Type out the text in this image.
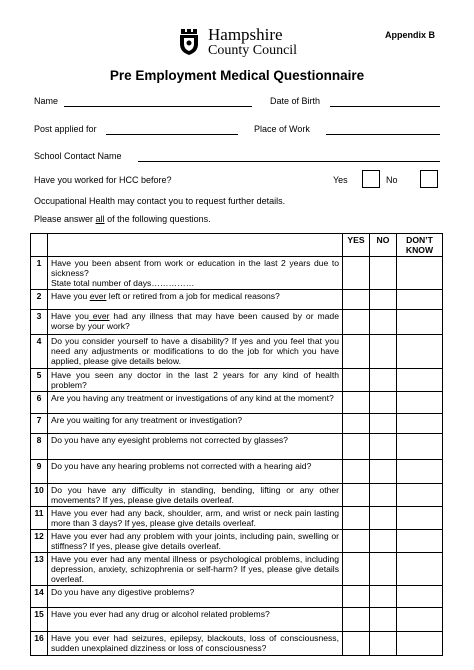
Hampshire
County Council
Appendix B
Pre Employment Medical Questionnaire
Name	Date of Birth
Post applied for	Place of Work
School Contact Name
Have you worked for HCC before?	Yes	No
Occupational Health may contact you to request further details.
Please answer all of the following questions.
		YES	NO	DON’T KNOW
1	Have you been absent from work or education in the last 2 years due to sickness?
State total number of days……………			
2	Have you ever left or retired from a job for medical reasons?			
3	Have you ever had any illness that may have been caused by or made worse by your work?			
4	Do you consider yourself to have a disability? If yes and you feel that you need any adjustments or modifications to do the job for which you have applied, please give details below.			
5	Have you seen any doctor in the last 2 years for any kind of health problem?			
6	Are you having any treatment or investigations of any kind at the moment?			
7	Are you waiting for any treatment or investigation?			
8	Do you have any eyesight problems not corrected by glasses?			
9	Do you have any hearing problems not corrected with a hearing aid?			
10	Do you have any difficulty in standing, bending, lifting or any other movements? If yes, please give details overleaf.			
11	Have you ever had any back, shoulder, arm, and wrist or neck pain lasting more than 3 days? If yes, please give details overleaf.			
12	Have you ever had any problem with your joints, including pain, swelling or stiffness? If yes, please give details overleaf.			
13	Have you ever had any mental illness or psychological problems, including depression, anxiety, schizophrenia or self-harm? If yes, please give details overleaf.			
14	Do you have any digestive problems?			
15	Have you ever had any drug or alcohol related problems?			
16	Have you ever had seizures, epilepsy, blackouts, loss of consciousness, sudden unexplained dizziness or loss of consciousness?			
